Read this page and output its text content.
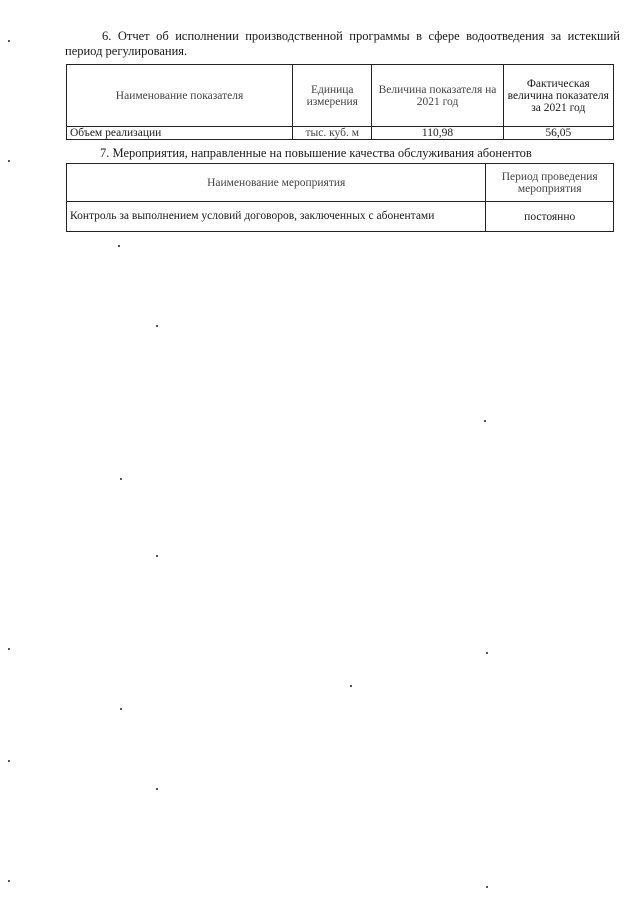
6. Отчет об исполнении производственной программы в сфере водоотведения за истекший период регулирования.

Наименование показателя	Единица измерения	Величина показателя на 2021 год	Фактическая величина показателя за 2021 год
Объем реализации	тыс. куб. м	110,98	56,05

7. Мероприятия, направленные на повышение качества обслуживания абонентов

Наименование мероприятия	Период проведения мероприятия
Контроль за выполнением условий договоров, заключенных с абонентами	постоянно
